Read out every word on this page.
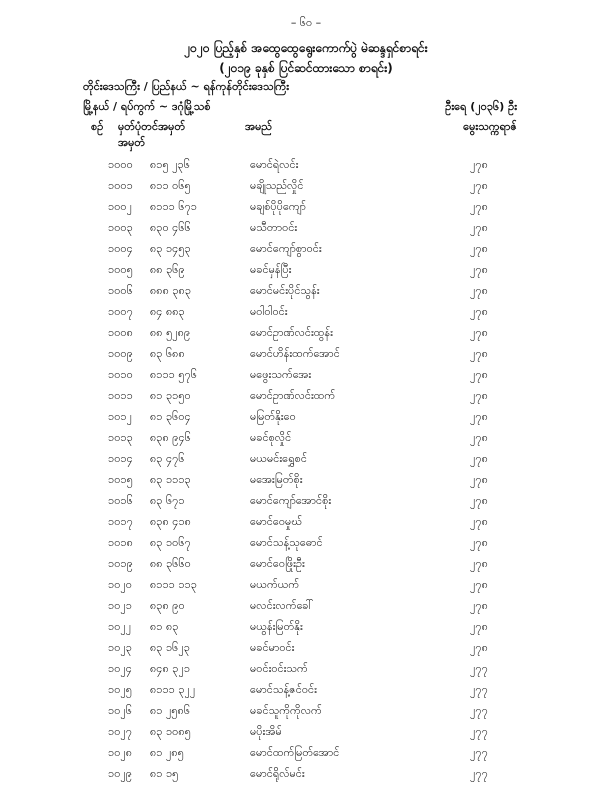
– ၆၀ –
၂၀၂၀ ပြည့်နှစ် အထွေထွေရွေးကောက်ပွဲ မဲဆန္ဒရှင်စာရင်း
(၂၀၁၉ ခုနှစ် ပြင်ဆင်ထားသော စာရင်း)
တိုင်းဒေသကြီး / ပြည်နယ် ~ ရန်ကုန်တိုင်းဒေသကြီး
မြို့နယ် / ရပ်ကွက် ~ ဒဂုံမြို့သစ်	ဦးရေ (၂၀၃၆) ဦး
စဉ် မှတ်ပုံတင်အမှတ်
အမှတ်
အမည်	မွေးသက္ကရာဇ်
၁၀၀၀ ၈၁၅ ၂၃၆	မောင်ရဲလင်း	၂၇၈
၁၀၀၁ ၈၁၁ ၀၆၅	မချိုသည်လှိုင်	၂၇၈
၁၀၀၂ ၈၁၁၁ ၆၇၁	မချစ်ပိုပိုကျော်	၂၇၈
၁၀၀၃ ၈၃၀ ၄၆၆	မသီတာဝင်း	၂၇၈
၁၀၀၄ ၈၃ ၁၄၅၃	မောင်ကျော်စွာဝင်း	၂၇၈
၁၀၀၅ ၈၈ ၃၆၉	မခင်မှန်ပြီး	၂၇၈
၁၀၀၆ ၈၈၈ ၃၈၃	မောင်မင်းပိုင်သွန်း	၂၇၈
၁၀၀၇ ၈၄ ၈၈၃	မဝါဝါဝင်း	၂၇၈
၁၀၀၈ ၈၈ ၅၂၈၉	မောင်ဥာဏ်လင်းထွန်း	၂၇၈
၁၀၀၉ ၈၃ ၆၈၈	မောင်ဟိန်းထက်အောင်	၂၇၈
၁၀၁၀ ၈၁၁၁ ၅၇၆	မဖွေးသက်အေး	၂၇၈
၁၀၁၁ ၈၁ ၃၁၅၀	မောင်ဥာဏ်လင်းထက်	၂၇၈
၁၀၁၂ ၈၁ ၃၆၀၄	မမြတ်နိုးဝေ	၂၇၈
၁၀၁၃ ၈၃၈ ၉၄၆	မခင်စုလှိုင်	၂၇၈
၁၀၁၄ ၈၃ ၄၇၆	မယမင်းရွှေစင်	၂၇၈
၁၀၁၅ ၈၃ ၁၁၁၃	မအေးမြတ်စိုး	၂၇၈
၁၀၁၆ ၈၃ ၆၇၁	မောင်ကျော်အောင်စိုး	၂၇၈
၁၀၁၇ ၈၃၈ ၄၁၈	မောင်ဝေမှုဃ်	၂၇၈
၁၀၁၈ ၈၃ ၁၀၆၇	မောင်သန့်သုဓောင်	၂၇၈
၁၀၁၉ ၈၈ ၃၆၆၀	မောင်ဝေဖြိုးဦး	၂၇၈
၁၀၂၀ ၈၁၁၁ ၁၁၃	မယက်ယက်	၂၇၈
၁၀၂၁ ၈၃၈ ၉၀	မလင်းလက်ခေါ်	၂၇၈
၁၀၂၂ ၈၁ ၈၃	မယွန်းမြတ်နိုး	၂၇၈
၁၀၂၃ ၈၃ ၁၆၂၃	မခင်မာဝင်း	၂၇၈
၁၀၂၄ ၈၄၈ ၃၂၁	မဝင်းဝင်းသက်	၂၇၇
၁၀၂၅ ၈၁၁၁ ၃၂၂	မောင်သန့်ဇင်ဝင်း	၂၇၇
၁၀၂၆ ၈၁ ၂၅၈၆	မခင်သူကိုကိုလက်	၂၇၇
၁၀၂၇ ၈၃ ၁၀၈၅	မပိုးအိမ်	၂၇၇
၁၀၂၈ ၈၁ ၂၈၅	မောင်ထက်မြတ်အောင်	၂၇၇
၁၀၂၉ ၈၁ ၁၅	မောင်ရိုလ်မင်း	၂၇၇
